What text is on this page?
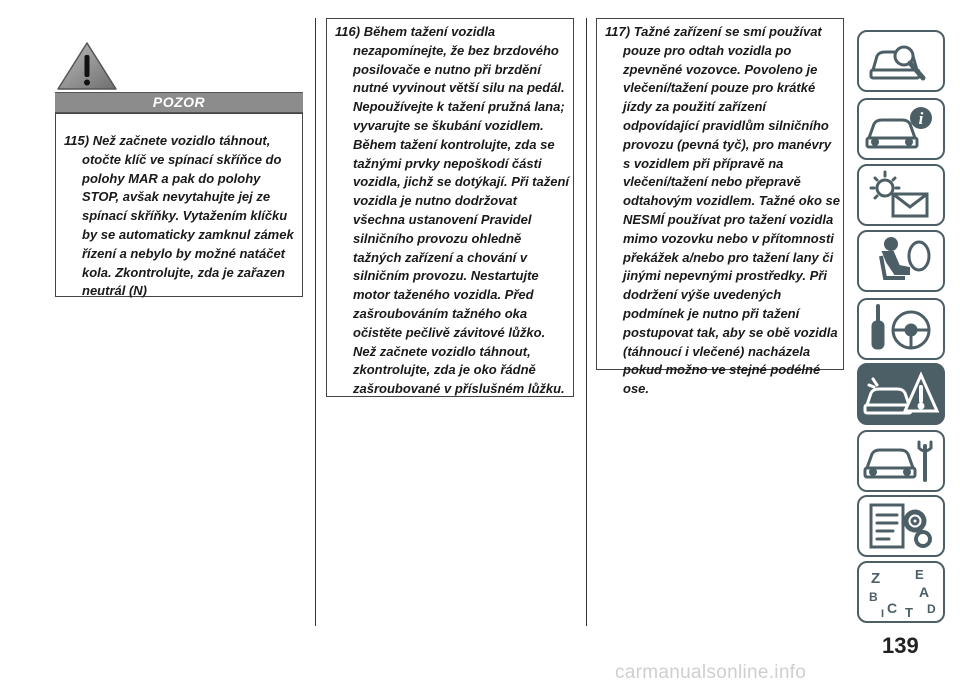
POZOR

115) Než začnete vozidlo táhnout, otočte klíč ve spínací skříňce do polohy MAR a pak do polohy STOP, avšak nevytahujte jej ze spínací skříňky. Vytažením klíčku by se automaticky zamknul zámek řízení a nebylo by možné natáčet kola. Zkontrolujte, zda je zařazen neutrál (N)

116) Během tažení vozidla nezapomínejte, že bez brzdového posilovače e nutno při brzdění nutné vyvinout větší silu na pedál. Nepoužívejte k tažení pružná lana; vyvarujte se škubání vozidlem. Během tažení kontrolujte, zda se tažnými prvky nepoškodí části vozidla, jichž se dotýkají. Při tažení vozidla je nutno dodržovat všechna ustanovení Pravidel silničního provozu ohledně tažných zařízení a chování v silničním provozu. Nestartujte motor taženého vozidla. Před zašroubováním tažného oka očistěte pečlivě závitové lůžko. Než začnete vozidlo táhnout, zkontrolujte, zda je oko řádně zašroubované v příslušném lůžku.

117) Tažné zařízení se smí používat pouze pro odtah vozidla po zpevněné vozovce. Povoleno je vlečení/tažení pouze pro krátké jízdy za použití zařízení odpovídající pravidlům silničního provozu (pevná tyč), pro manévry s vozidlem při přípravě na vlečení/tažení nebo přepravě odtahovým vozidlem. Tažné oko se NESMÍ používat pro tažení vozidla mimo vozovku nebo v přítomnosti překážek a/nebo pro tažení lany či jinými nepevnými prostředky. Při dodržení výše uvedených podmínek je nutno při tažení postupovat tak, aby se obě vozidla (táhnoucí i vlečené) nacházela pokud možno ve stejné podélné ose.

i
Z	E
A
B
C T D
I
139
carmanualsonline.info
